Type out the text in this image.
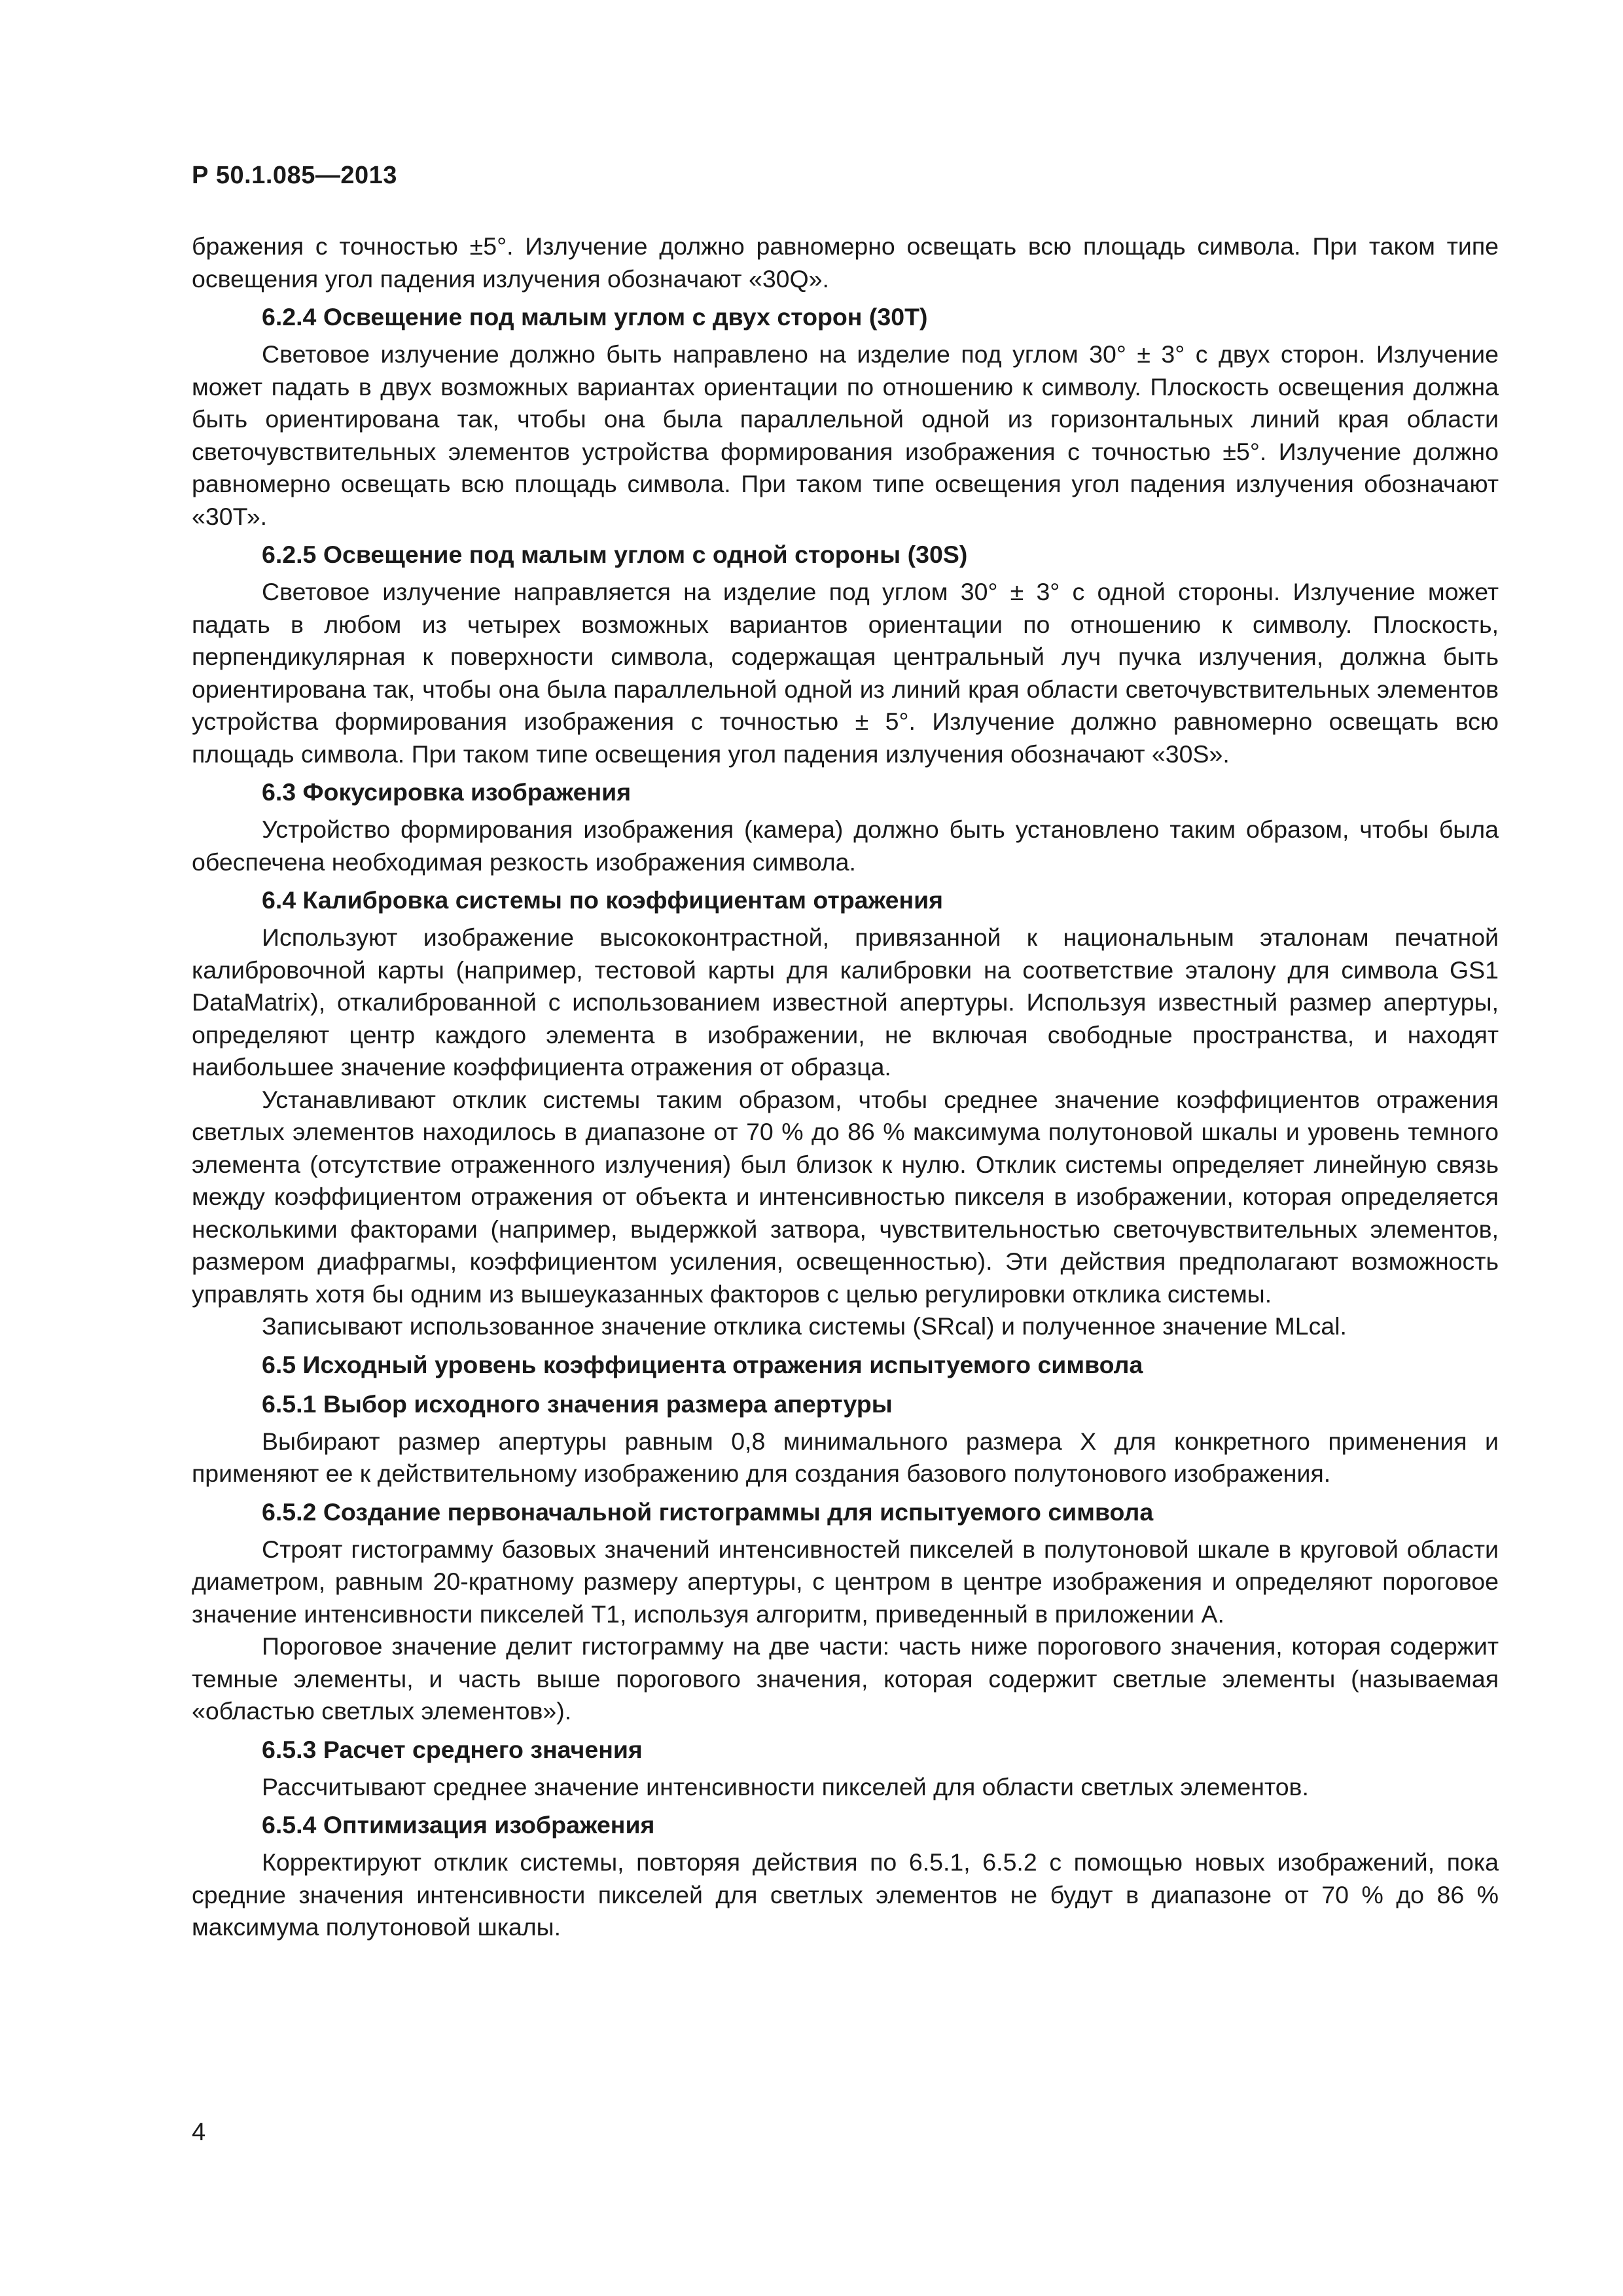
Р 50.1.085—2013

бражения с точностью ±5°. Излучение должно равномерно освещать всю площадь символа. При таком типе освещения угол падения излучения обозначают «30Q».

6.2.4 Освещение под малым углом с двух сторон (30Т)

Световое излучение должно быть направлено на изделие под углом 30° ± 3° с двух сторон. Излучение может падать в двух возможных вариантах ориентации по отношению к символу. Плоскость освещения должна быть ориентирована так, чтобы она была параллельной одной из горизонтальных линий края области светочувствительных элементов устройства формирования изображения с точностью ±5°. Излучение должно равномерно освещать всю площадь символа. При таком типе освещения угол падения излучения обозначают «30Т».

6.2.5 Освещение под малым углом с одной стороны (30S)

Световое излучение направляется на изделие под углом 30° ± 3° с одной стороны. Излучение может падать в любом из четырех возможных вариантов ориентации по отношению к символу. Плоскость, перпендикулярная к поверхности символа, содержащая центральный луч пучка излучения, должна быть ориентирована так, чтобы она была параллельной одной из линий края области светочувствительных элементов устройства формирования изображения с точностью ± 5°. Излучение должно равномерно освещать всю площадь символа. При таком типе освещения угол падения излучения обозначают «30S».

6.3 Фокусировка изображения

Устройство формирования изображения (камера) должно быть установлено таким образом, чтобы была обеспечена необходимая резкость изображения символа.

6.4 Калибровка системы по коэффициентам отражения

Используют изображение высококонтрастной, привязанной к национальным эталонам печатной калибровочной карты (например, тестовой карты для калибровки на соответствие эталону для символа GS1 DataMatrix), откалиброванной с использованием известной апертуры. Используя известный размер апертуры, определяют центр каждого элемента в изображении, не включая свободные пространства, и находят наибольшее значение коэффициента отражения от образца.

Устанавливают отклик системы таким образом, чтобы среднее значение коэффициентов отражения светлых элементов находилось в диапазоне от 70 % до 86 % максимума полутоновой шкалы и уровень темного элемента (отсутствие отраженного излучения) был близок к нулю. Отклик системы определяет линейную связь между коэффициентом отражения от объекта и интенсивностью пикселя в изображении, которая определяется несколькими факторами (например, выдержкой затвора, чувствительностью светочувствительных элементов, размером диафрагмы, коэффициентом усиления, освещенностью). Эти действия предполагают возможность управлять хотя бы одним из вышеуказанных факторов с целью регулировки отклика системы.

Записывают использованное значение отклика системы (SRcal) и полученное значение MLcal.

6.5 Исходный уровень коэффициента отражения испытуемого символа
6.5.1 Выбор исходного значения размера апертуры

Выбирают размер апертуры равным 0,8 минимального размера X для конкретного применения и применяют ее к действительному изображению для создания базового полутонового изображения.

6.5.2 Создание первоначальной гистограммы для испытуемого символа

Строят гистограмму базовых значений интенсивностей пикселей в полутоновой шкале в круговой области диаметром, равным 20-кратному размеру апертуры, с центром в центре изображения и определяют пороговое значение интенсивности пикселей Т1, используя алгоритм, приведенный в приложении А.

Пороговое значение делит гистограмму на две части: часть ниже порогового значения, которая содержит темные элементы, и часть выше порогового значения, которая содержит светлые элементы (называемая «областью светлых элементов»).

6.5.3 Расчет среднего значения

Рассчитывают среднее значение интенсивности пикселей для области светлых элементов.

6.5.4 Оптимизация изображения

Корректируют отклик системы, повторяя действия по 6.5.1, 6.5.2 с помощью новых изображений, пока средние значения интенсивности пикселей для светлых элементов не будут в диапазоне от 70 % до 86 % максимума полутоновой шкалы.

4
